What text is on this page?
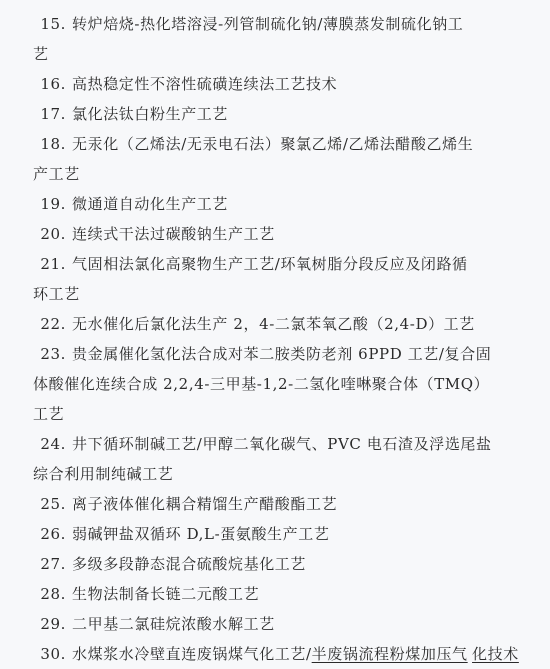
15. 转炉焙烧-热化塔溶浸-列管制硫化钠/薄膜蒸发制硫化钠工
艺
16. 高热稳定性不溶性硫磺连续法工艺技术
17. 氯化法钛白粉生产工艺
18. 无汞化（乙烯法/无汞电石法）聚氯乙烯/乙烯法醋酸乙烯生
产工艺
19. 微通道自动化生产工艺
20. 连续式干法过碳酸钠生产工艺
21. 气固相法氯化高聚物生产工艺/环氧树脂分段反应及闭路循
环工艺
22. 无水催化后氯化法生产 2，4-二氯苯氧乙酸（2,4-D）工艺
23. 贵金属催化氢化法合成对苯二胺类防老剂 6PPD 工艺/复合固
体酸催化连续合成 2,2,4-三甲基-1,2-二氢化喹啉聚合体（TMQ）
工艺
24. 井下循环制碱工艺/甲醇二氧化碳气、PVC 电石渣及浮选尾盐
综合利用制纯碱工艺
25. 离子液体催化耦合精馏生产醋酸酯工艺
26. 弱碱钾盐双循环 D,L-蛋氨酸生产工艺
27. 多级多段静态混合硫酸烷基化工艺
28. 生物法制备长链二元酸工艺
29. 二甲基二氯硅烷浓酸水解工艺
30. 水煤浆水冷壁直连废锅煤气化工艺/半废锅流程粉煤加压气 化技术
